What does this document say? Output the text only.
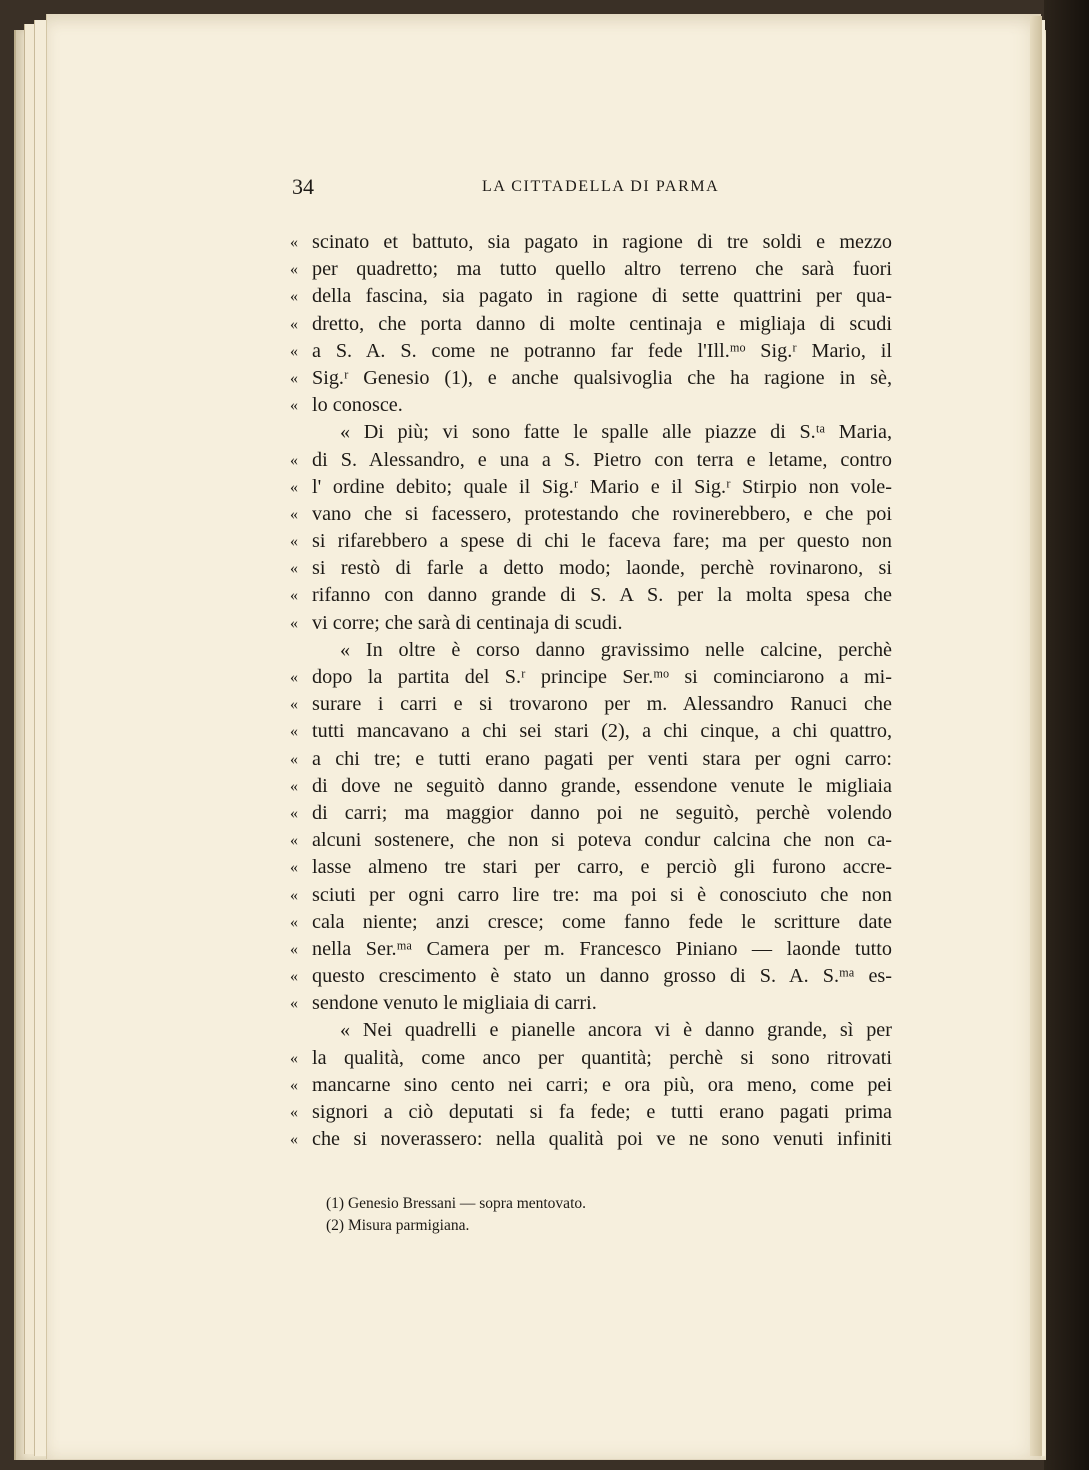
34	LA CITTADELLA DI PARMA
« scinato et battuto, sia pagato in ragione di tre soldi e mezzo
« per quadretto; ma tutto quello altro terreno che sarà fuori
« della fascina, sia pagato in ragione di sette quattrini per qua-
« dretto, che porta danno di molte centinaja e migliaja di scudi
« a S. A. S. come ne potranno far fede l'Ill.ᵐᵒ Sig.ʳ Mario, il
« Sig.ʳ Genesio (1), e anche qualsivoglia che ha ragione in sè,
« lo conosce.
« Di più; vi sono fatte le spalle alle piazze di S.ᵗᵃ Maria,
« di S. Alessandro, e una a S. Pietro con terra e letame, contro
« l' ordine debito; quale il Sig.ʳ Mario e il Sig.ʳ Stirpio non vole-
« vano che si facessero, protestando che rovinerebbero, e che poi
« si rifarebbero a spese di chi le faceva fare; ma per questo non
« si restò di farle a detto modo; laonde, perchè rovinarono, si
« rifanno con danno grande di S. A S. per la molta spesa che
« vi corre; che sarà di centinaja di scudi.
« In oltre è corso danno gravissimo nelle calcine, perchè
« dopo la partita del S.ʳ principe Ser.ᵐᵒ si cominciarono a mi-
« surare i carri e si trovarono per m. Alessandro Ranuci che
« tutti mancavano a chi sei stari (2), a chi cinque, a chi quattro,
« a chi tre; e tutti erano pagati per venti stara per ogni carro:
« di dove ne seguitò danno grande, essendone venute le migliaia
« di carri; ma maggior danno poi ne seguitò, perchè volendo
« alcuni sostenere, che non si poteva condur calcina che non ca-
« lasse almeno tre stari per carro, e perciò gli furono accre-
« sciuti per ogni carro lire tre: ma poi si è conosciuto che non
« cala niente; anzi cresce; come fanno fede le scritture date
« nella Ser.ᵐᵃ Camera per m. Francesco Piniano — laonde tutto
« questo crescimento è stato un danno grosso di S. A. S.ᵐᵃ es-
« sendone venuto le migliaia di carri.
« Nei quadrelli e pianelle ancora vi è danno grande, sì per
« la qualità, come anco per quantità; perchè si sono ritrovati
« mancarne sino cento nei carri; e ora più, ora meno, come pei
« signori a ciò deputati si fa fede; e tutti erano pagati prima
« che si noverassero: nella qualità poi ve ne sono venuti infiniti
(1) Genesio Bressani — sopra mentovato.
(2) Misura parmigiana.
